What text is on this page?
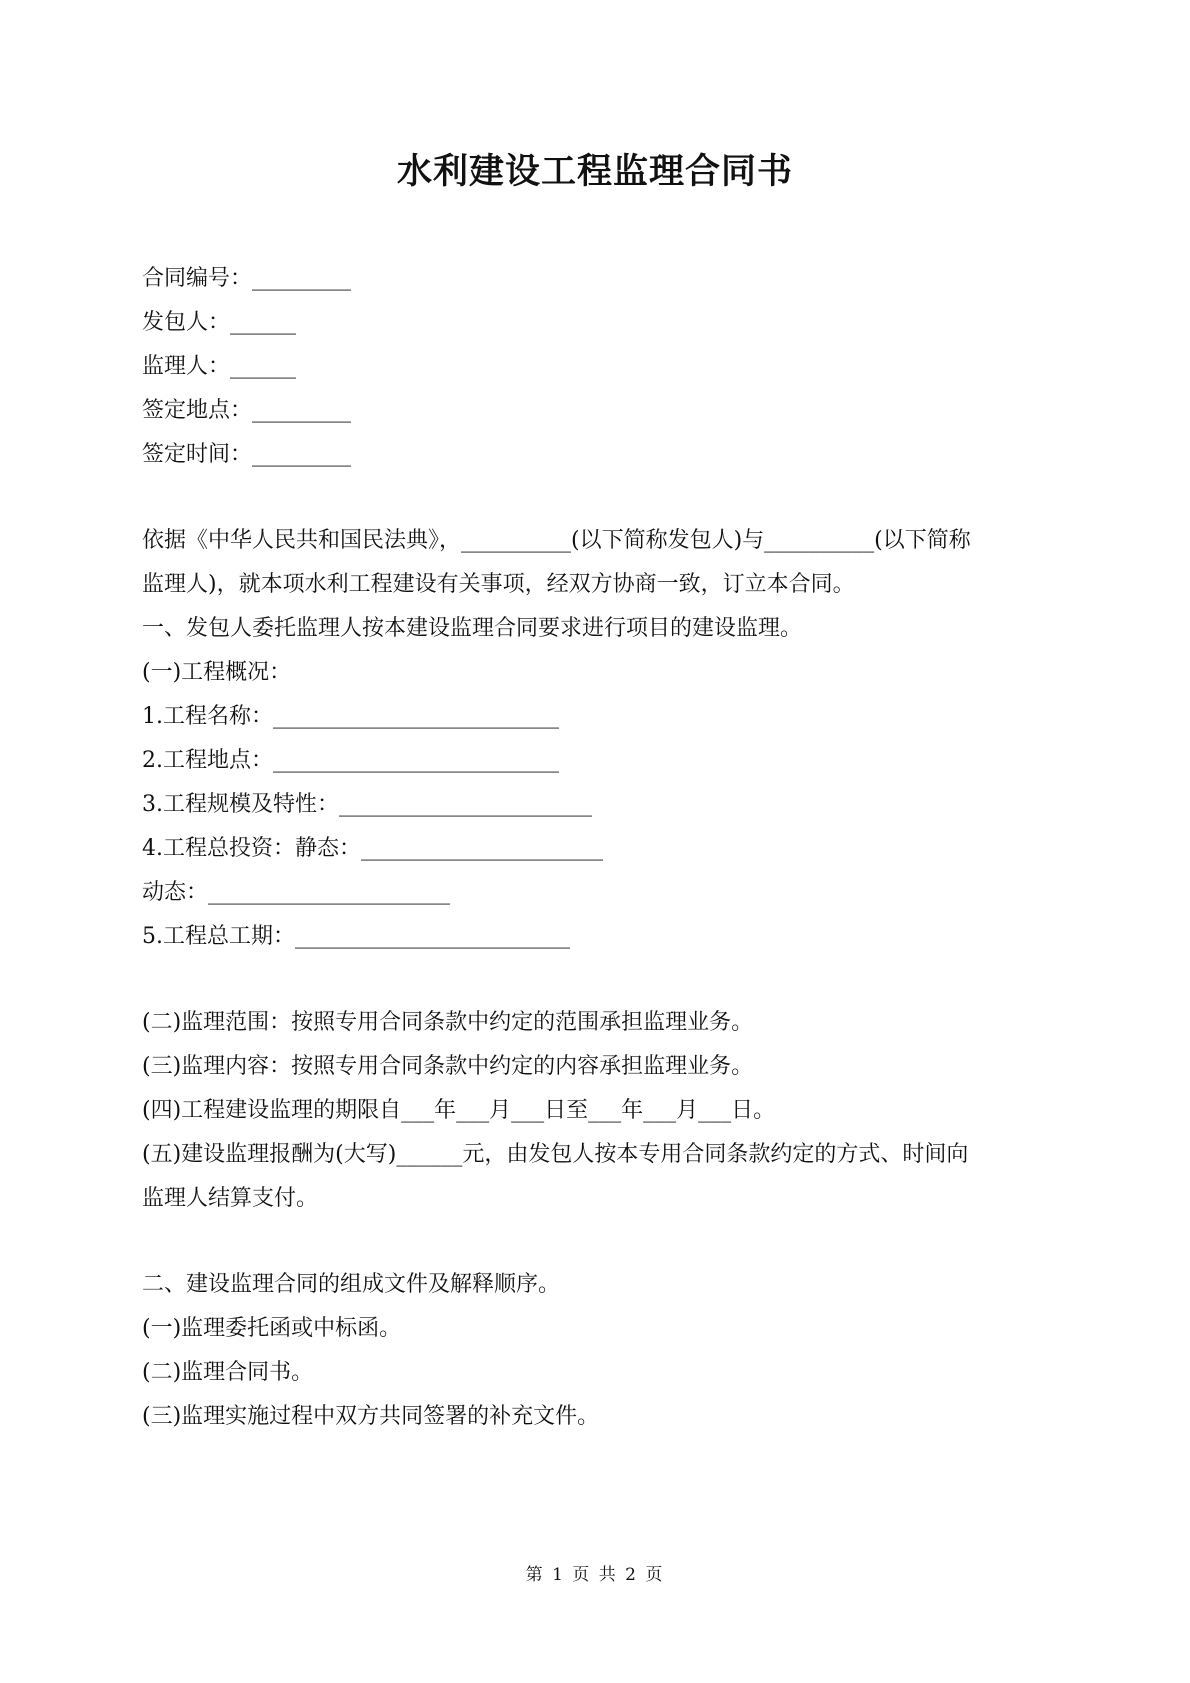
水利建设工程监理合同书
合同编号：_________
发包人：______
监理人：______
签定地点：_________
签定时间：_________
依据《中华人民共和国民法典》，__________(以下简称发包人)与__________(以下简称
监理人)，就本项水利工程建设有关事项，经双方协商一致，订立本合同。
一、发包人委托监理人按本建设监理合同要求进行项目的建设监理。
(一)工程概况：
1.工程名称：__________________________
2.工程地点：__________________________
3.工程规模及特性：_______________________
4.工程总投资：静态：______________________
动态：______________________
5.工程总工期：_________________________
(二)监理范围：按照专用合同条款中约定的范围承担监理业务。
(三)监理内容：按照专用合同条款中约定的内容承担监理业务。
(四)工程建设监理的期限自___年___月___日至___年___月___日。
(五)建设监理报酬为(大写)______元，由发包人按本专用合同条款约定的方式、时间向
监理人结算支付。
二、建设监理合同的组成文件及解释顺序。
(一)监理委托函或中标函。
(二)监理合同书。
(三)监理实施过程中双方共同签署的补充文件。
第 1 页 共 2 页
